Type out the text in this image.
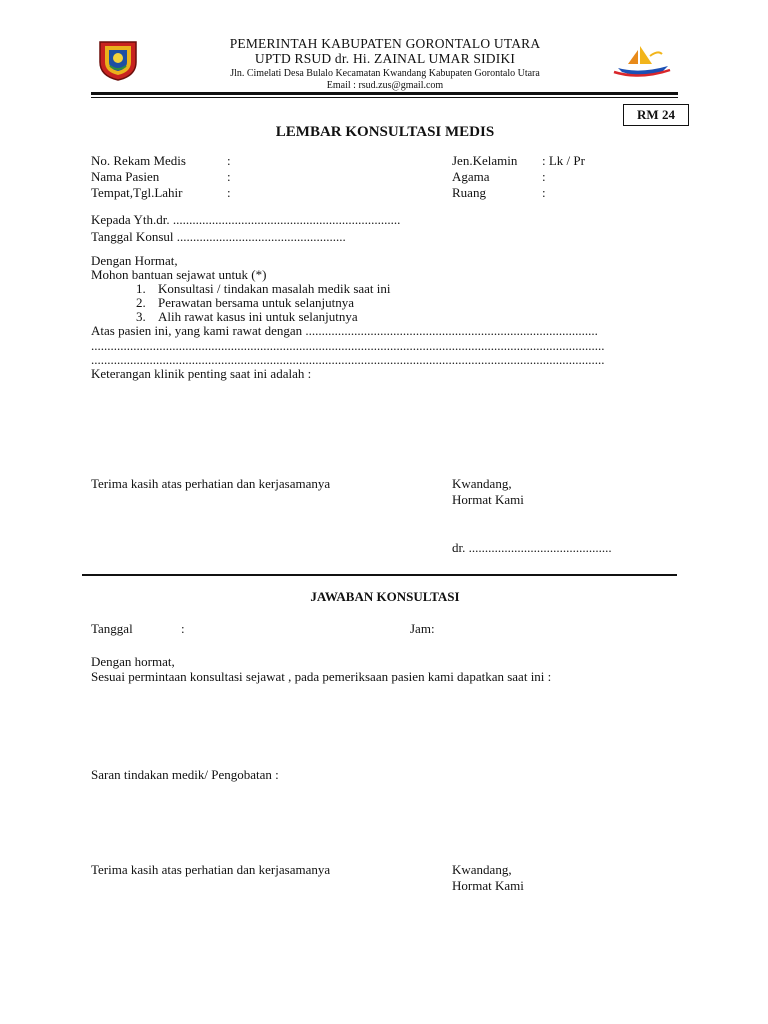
PEMERINTAH KABUPATEN GORONTALO UTARA
UPTD RSUD dr. Hi. ZAINAL UMAR SIDIKI
Jln. Cimelati Desa Bulalo Kecamatan Kwandang Kabupaten Gorontalo Utara
Email : rsud.zus@gmail.com
RM 24
LEMBAR KONSULTASI MEDIS
No. Rekam Medis	:
Nama Pasien	:
Tempat,Tgl.Lahir	:
Jen.Kelamin : Lk / Pr
Agama	:
Ruang	:
Kepada Yth.dr. ......................................................................
Tanggal Konsul ....................................................
Dengan Hormat,
Mohon bantuan sejawat untuk (*)
1. Konsultasi / tindakan masalah medik saat ini
2. Perawatan bersama untuk selanjutnya
3. Alih rawat kasus ini untuk selanjutnya
Atas pasien ini, yang kami rawat dengan ..........................................................................................
..............................................................................................................................................................
..............................................................................................................................................................
Keterangan klinik penting saat ini adalah :
Terima kasih atas perhatian dan kerjasamanya	Kwandang,
Hormat Kami
dr. ............................................
JAWABAN KONSULTASI
Tanggal	:	Jam:
Dengan hormat,
Sesuai permintaan konsultasi sejawat , pada pemeriksaan pasien kami dapatkan saat ini :
Saran tindakan medik/ Pengobatan :
Terima kasih atas perhatian dan kerjasamanya	Kwandang,
Hormat Kami
